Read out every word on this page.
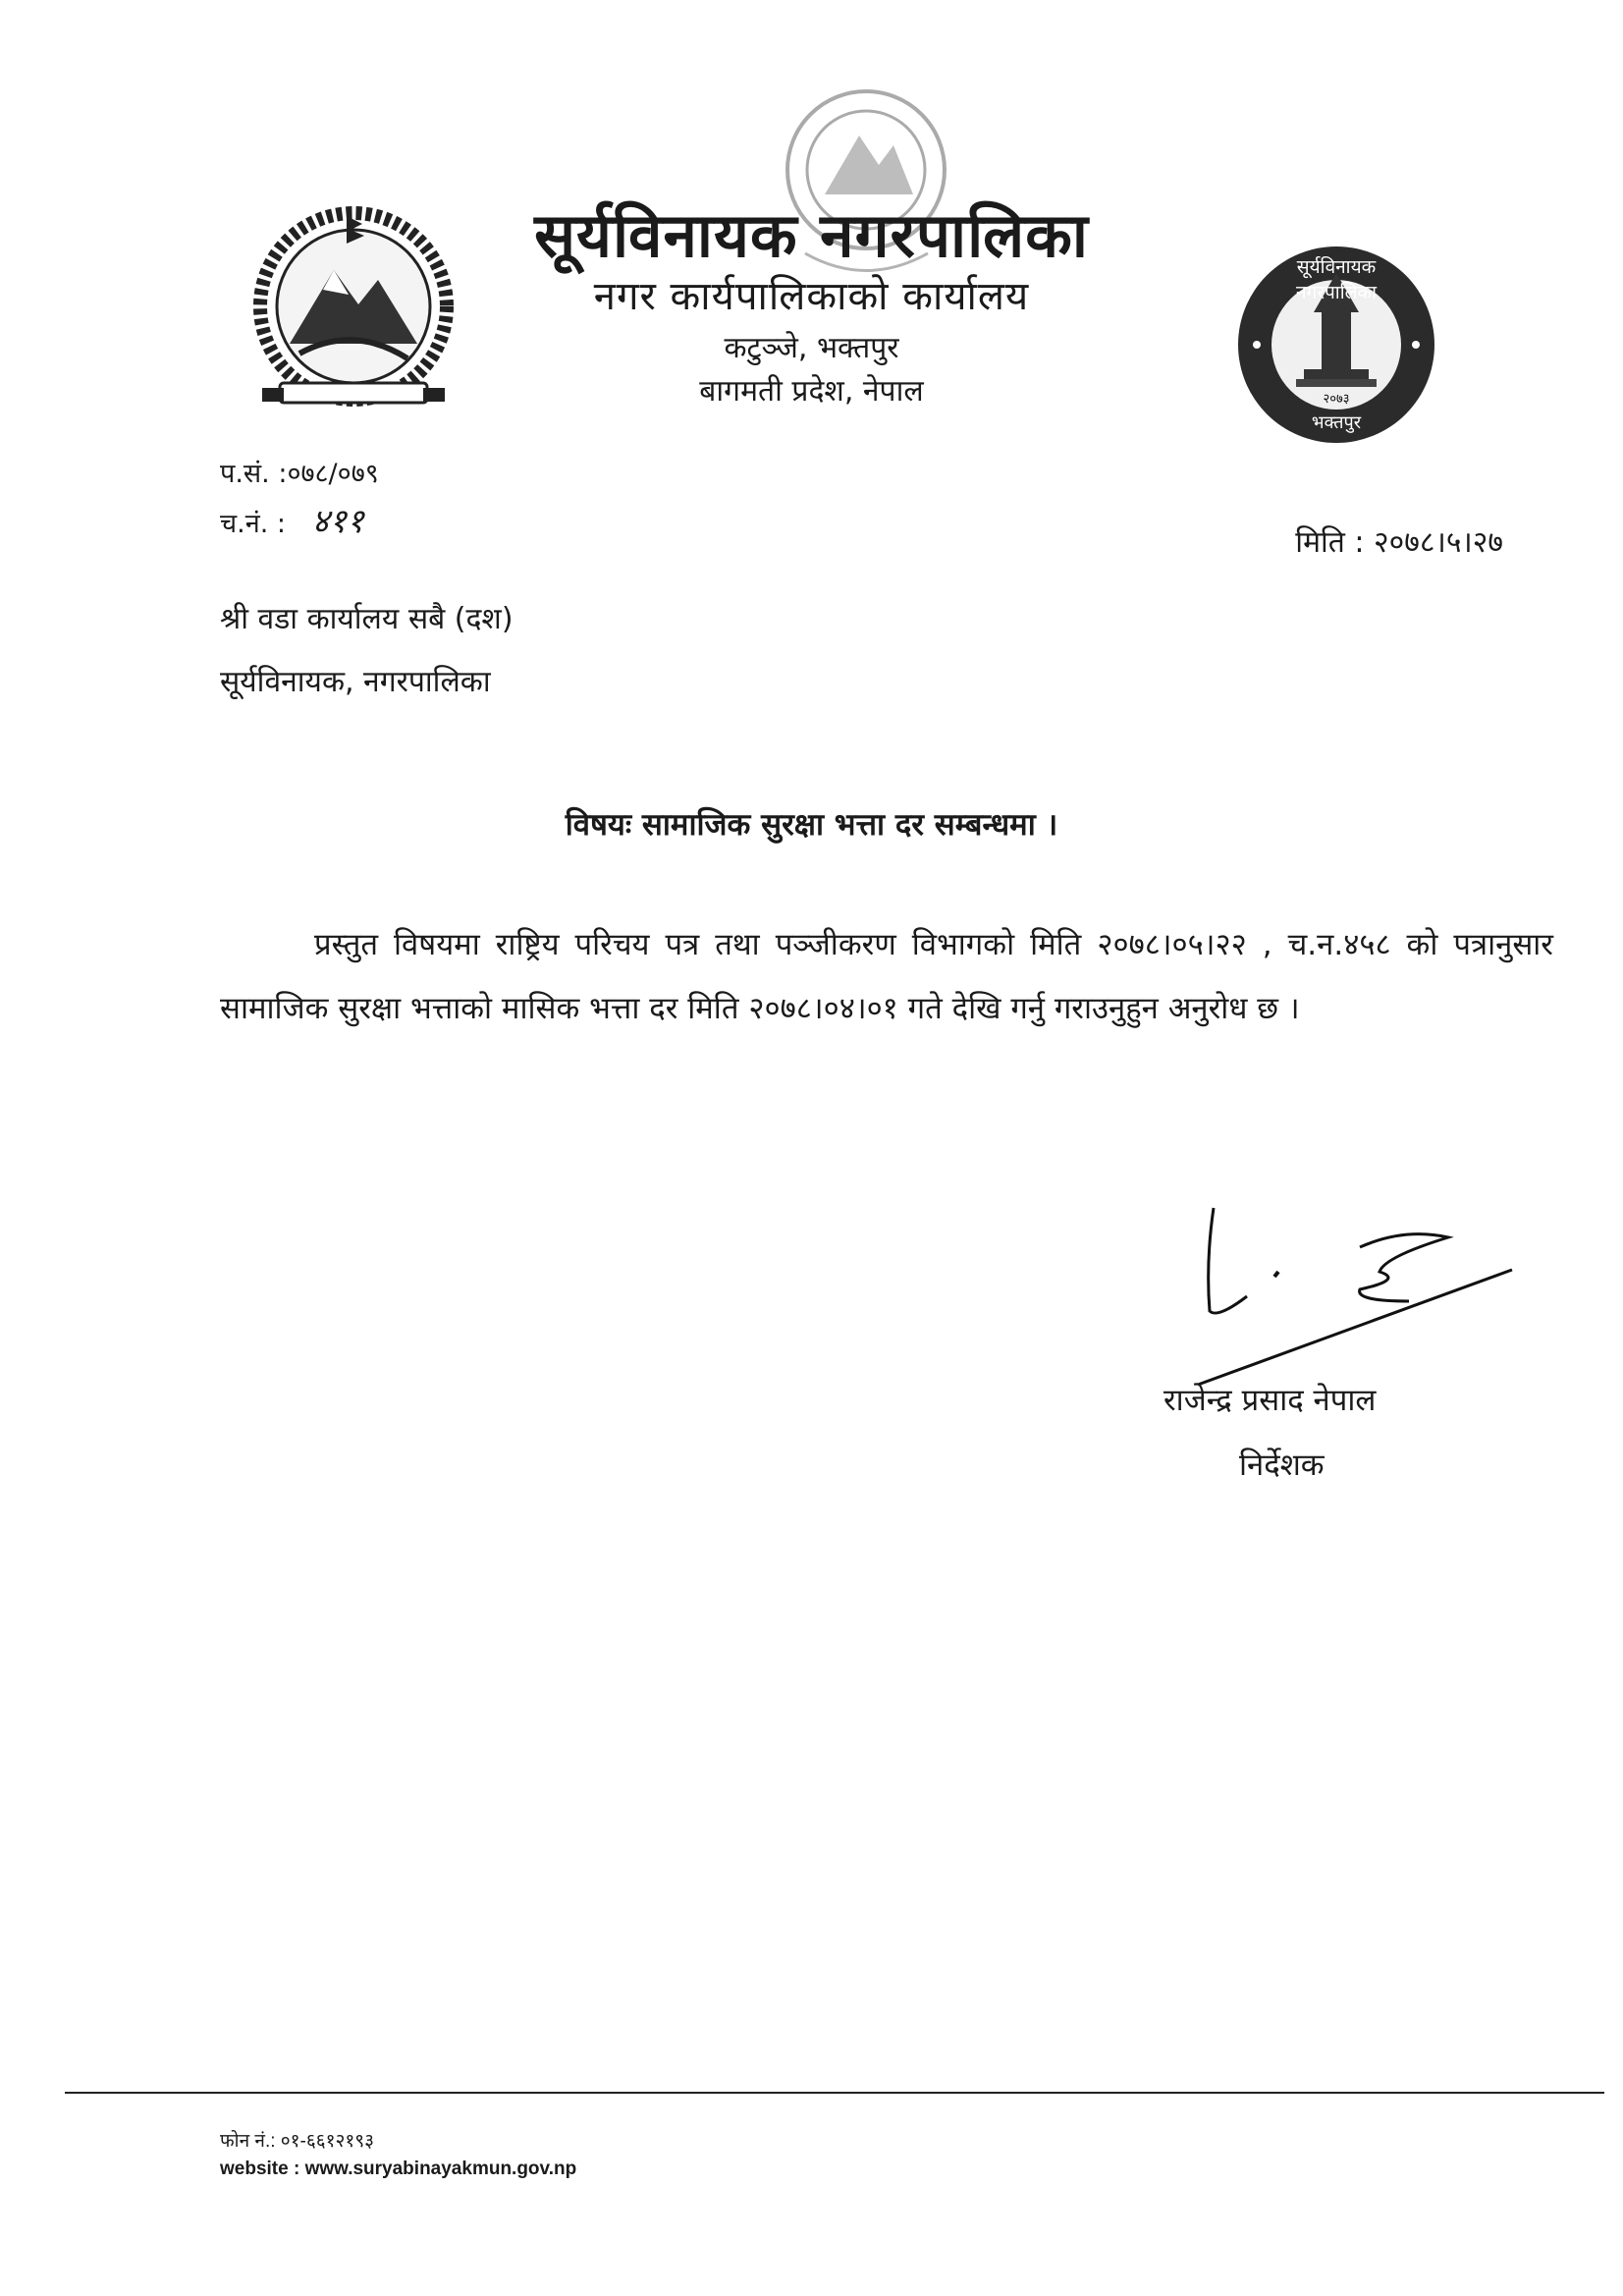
सूर्यविनायक नगरपालिका
२०७३
भक्तपुर
सूर्यविनायक नगरपालिका
नगर कार्यपालिकाको कार्यालय
कटुञ्जे, भक्तपुर
बागमती प्रदेश, नेपाल
प.सं. :०७८/०७९
च.नं. : ४११
मिति : २०७८।५।२७
श्री वडा कार्यालय सबै (दश)
सूर्यविनायक, नगरपालिका
विषयः सामाजिक सुरक्षा भत्ता दर सम्बन्धमा ।
प्रस्तुत विषयमा राष्ट्रिय परिचय पत्र तथा पञ्जीकरण विभागको मिति २०७८।०५।२२ , च.न.४५८ को पत्रानुसार सामाजिक सुरक्षा भत्ताको मासिक भत्ता दर मिति २०७८।०४।०१ गते देखि गर्नु गराउनुहुन अनुरोध छ ।
राजेन्द्र प्रसाद नेपाल
निर्देशक
फोन नं.: ०१-६६१२१९३
website : www.suryabinayakmun.gov.np
